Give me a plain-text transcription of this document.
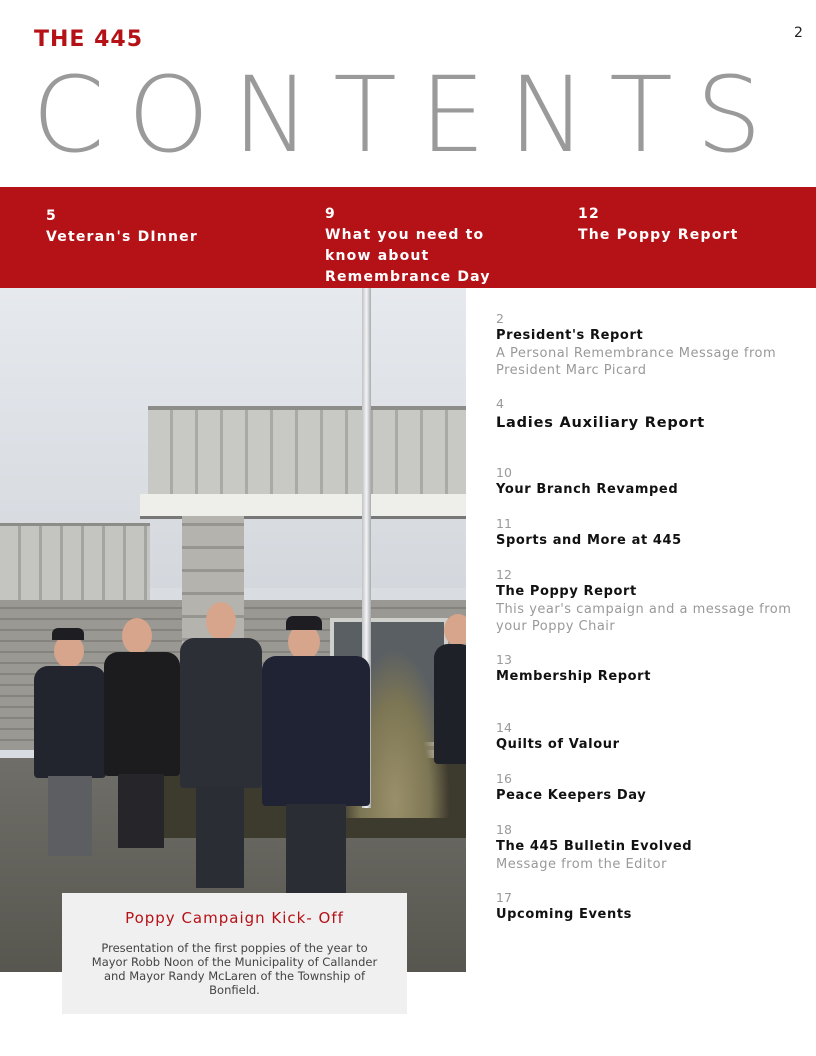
THE 445	2
CONTENTS
5
Veteran's DInner
9
What you need to know about Remembrance Day
12
The Poppy Report
Poppy Campaign Kick- Off
Presentation of the first poppies of the year to Mayor Robb Noon of the Municipality of Callander and Mayor Randy McLaren of the Township of Bonfield.
2
President's Report
A Personal Remembrance Message from President Marc Picard
4
Ladies Auxiliary Report
10
Your Branch Revamped
11
Sports and More at 445
12
The Poppy Report
This year's campaign and a message from your Poppy Chair
13
Membership Report
14
Quilts of Valour
16
Peace Keepers Day
18
The 445 Bulletin Evolved
Message from the Editor
17
Upcoming Events
